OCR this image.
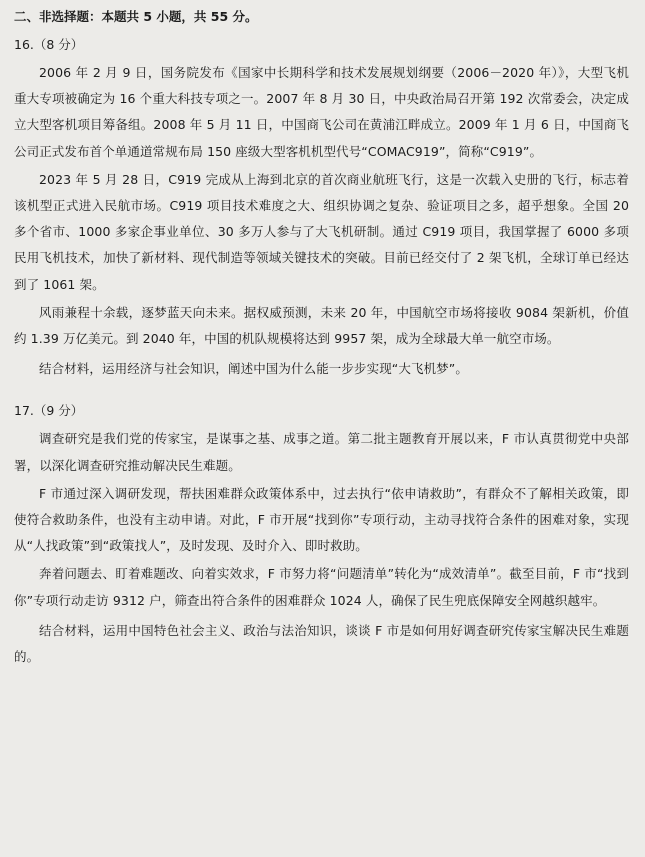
二、非选择题：本题共 5 小题，共 55 分。

16.（8 分）

2006 年 2 月 9 日，国务院发布《国家中长期科学和技术发展规划纲要（2006－2020 年）》，大型飞机重大专项被确定为 16 个重大科技专项之一。2007 年 8 月 30 日，中央政治局召开第 192 次常委会，决定成立大型客机项目筹备组。2008 年 5 月 11 日，中国商飞公司在黄浦江畔成立。2009 年 1 月 6 日，中国商飞公司正式发布首个单通道常规布局 150 座级大型客机机型代号“COMAC919”，简称“C919”。

2023 年 5 月 28 日，C919 完成从上海到北京的首次商业航班飞行，这是一次载入史册的飞行，标志着该机型正式进入民航市场。C919 项目技术难度之大、组织协调之复杂、验证项目之多，超乎想象。全国 20 多个省市、1000 多家企事业单位、30 多万人参与了大飞机研制。通过 C919 项目，我国掌握了 6000 多项民用飞机技术，加快了新材料、现代制造等领域关键技术的突破。目前已经交付了 2 架飞机，全球订单已经达到了 1061 架。

风雨兼程十余载，逐梦蓝天向未来。据权威预测，未来 20 年，中国航空市场将接收 9084 架新机，价值约 1.39 万亿美元。到 2040 年，中国的机队规模将达到 9957 架，成为全球最大单一航空市场。

结合材料，运用经济与社会知识，阐述中国为什么能一步步实现“大飞机梦”。

17.（9 分）

调查研究是我们党的传家宝，是谋事之基、成事之道。第二批主题教育开展以来，F 市认真贯彻党中央部署，以深化调查研究推动解决民生难题。

F 市通过深入调研发现，帮扶困难群众政策体系中，过去执行“依申请救助”，有群众不了解相关政策，即使符合救助条件，也没有主动申请。对此，F 市开展“找到你”专项行动，主动寻找符合条件的困难对象，实现从“人找政策”到“政策找人”，及时发现、及时介入、即时救助。

奔着问题去、盯着难题改、向着实效求，F 市努力将“问题清单”转化为“成效清单”。截至目前，F 市“找到你”专项行动走访 9312 户，筛查出符合条件的困难群众 1024 人，确保了民生兜底保障安全网越织越牢。

结合材料，运用中国特色社会主义、政治与法治知识，谈谈 F 市是如何用好调查研究传家宝解决民生难题的。
